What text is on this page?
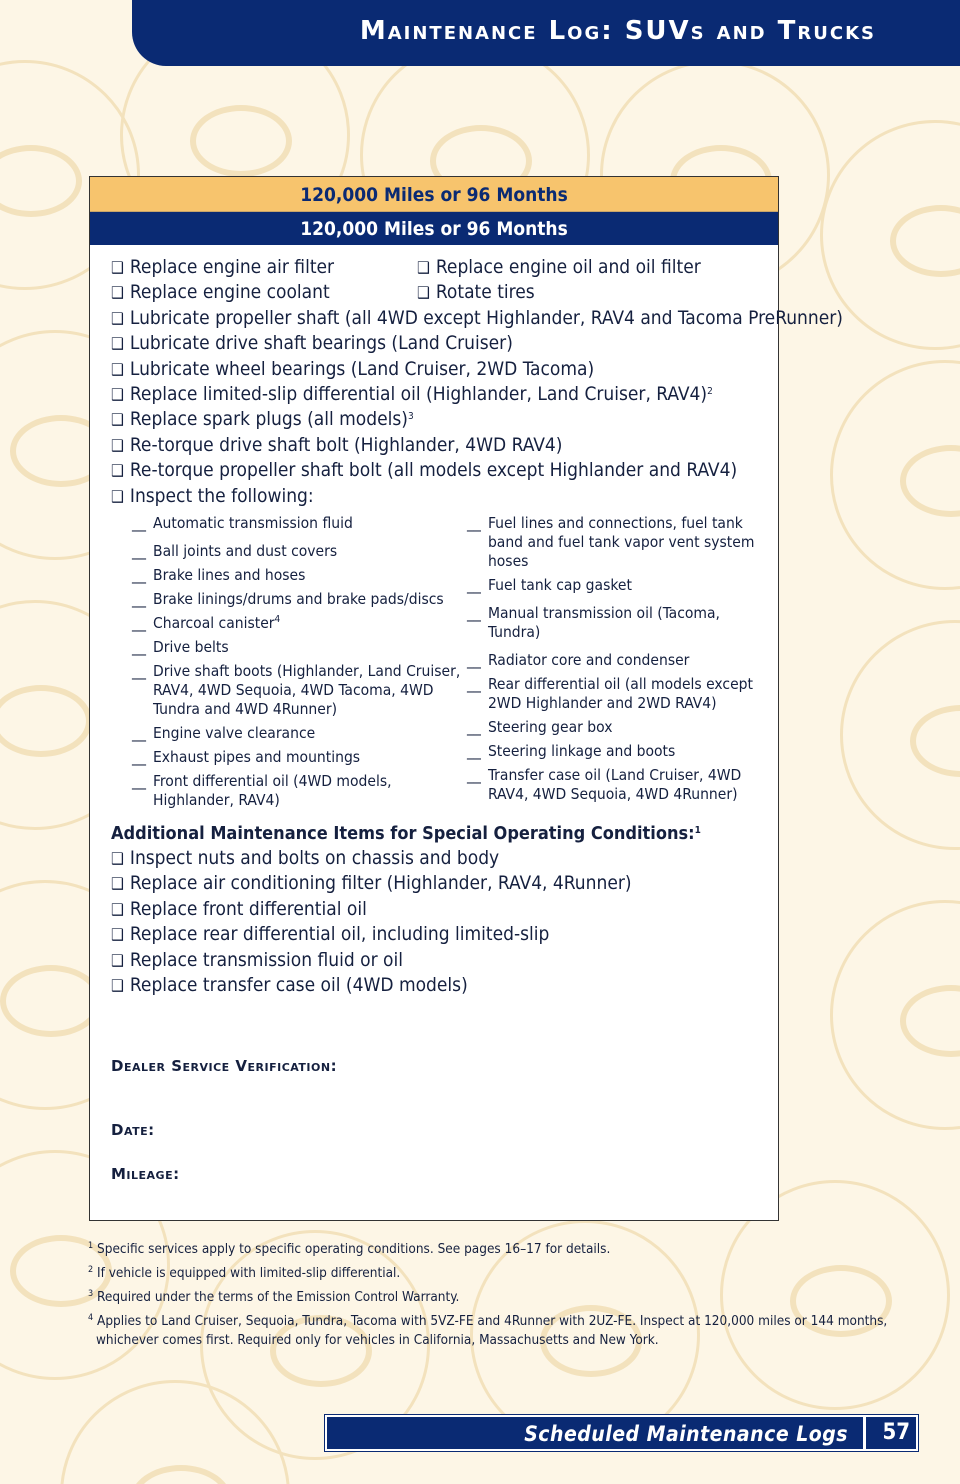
Maintenance Log: SUVs and Trucks
120,000 Miles or 96 Months
120,000 Miles or 96 Months
❑ Replace engine air filter	❑ Replace engine oil and oil filter
❑ Replace engine coolant	❑ Rotate tires
❑ Lubricate propeller shaft (all 4WD except Highlander, RAV4 and Tacoma PreRunner)
❑ Lubricate drive shaft bearings (Land Cruiser)
❑ Lubricate wheel bearings (Land Cruiser, 2WD Tacoma)
❑ Replace limited-slip differential oil (Highlander, Land Cruiser, RAV4)$^2$
❑ Replace spark plugs (all models)$^3$
❑ Re-torque drive shaft bolt (Highlander, 4WD RAV4)
❑ Re-torque propeller shaft bolt (all models except Highlander and RAV4)
❑ Inspect the following:
__ Automatic transmission fluid
__ Ball joints and dust covers
__ Brake lines and hoses
__ Brake linings/drums and brake pads/discs
__ Charcoal canister$^4$
__ Drive belts
__ Drive shaft boots (Highlander, Land Cruiser, RAV4, 4WD Sequoia, 4WD Tacoma, 4WD Tundra and 4WD 4Runner)
__ Engine valve clearance
__ Exhaust pipes and mountings
__ Front differential oil (4WD models, Highlander, RAV4)
__ Fuel lines and connections, fuel tank band and fuel tank vapor vent system hoses
__ Fuel tank cap gasket
__ Manual transmission oil (Tacoma, Tundra)
__ Radiator core and condenser
__ Rear differential oil (all models except 2WD Highlander and 2WD RAV4)
__ Steering gear box
__ Steering linkage and boots
__ Transfer case oil (Land Cruiser, 4WD RAV4, 4WD Sequoia, 4WD 4Runner)
Additional Maintenance Items for Special Operating Conditions:$^1$
❑ Inspect nuts and bolts on chassis and body
❑ Replace air conditioning filter (Highlander, RAV4, 4Runner)
❑ Replace front differential oil
❑ Replace rear differential oil, including limited-slip
❑ Replace transmission fluid or oil
❑ Replace transfer case oil (4WD models)
Dealer Service Verification:
Date:
Mileage:
$^1$ Specific services apply to specific operating conditions. See pages 16–17 for details.
$^2$ If vehicle is equipped with limited-slip differential.
$^3$ Required under the terms of the Emission Control Warranty.
$^4$ Applies to Land Cruiser, Sequoia, Tundra, Tacoma with 5VZ-FE and 4Runner with 2UZ-FE. Inspect at 120,000 miles or 144 months, whichever comes first. Required only for vehicles in California, Massachusetts and New York.
Scheduled Maintenance Logs 57
